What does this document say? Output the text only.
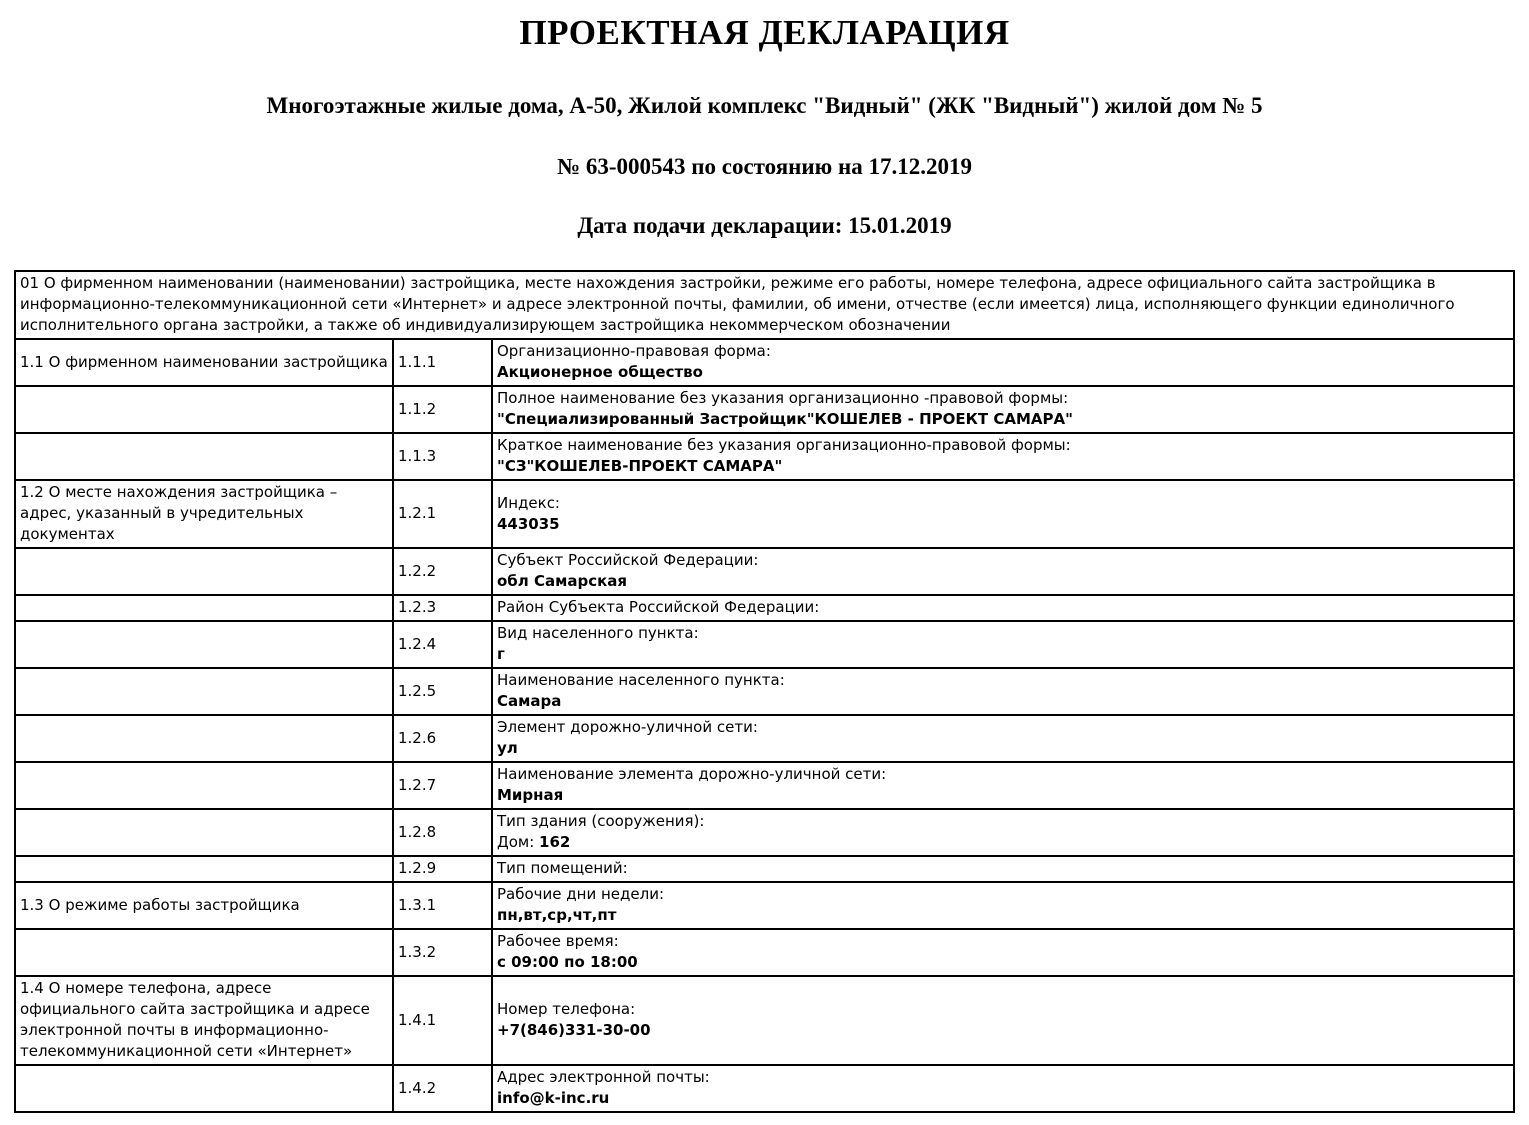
ПРОЕКТНАЯ ДЕКЛАРАЦИЯ
Многоэтажные жилые дома, А-50, Жилой комплекс "Видный" (ЖК "Видный") жилой дом № 5
№ 63-000543 по состоянию на 17.12.2019
Дата подачи декларации: 15.01.2019
01 О фирменном наименовании (наименовании) застройщика, месте нахождения застройки, режиме его работы, номере телефона, адресе официального сайта застройщика в информационно-телекоммуникационной сети «Интернет» и адресе электронной почты, фамилии, об имени, отчестве (если имеется) лица, исполняющего функции единоличного исполнительного органа застройки, а также об индивидуализирующем застройщика некоммерческом обозначении		
1.1 О фирменном наименовании застройщика	1.1.1	Организационно-правовая форма:
Акционерное общество

	1.1.2	Полное наименование без указания организационно -правовой формы:
"Специализированный Застройщик"КОШЕЛЕВ - ПРОЕКТ САМАРА"

	1.1.3	Краткое наименование без указания организационно-правовой формы:
"СЗ"КОШЕЛЕВ-ПРОЕКТ САМАРА"

1.2 О месте нахождения застройщика – адрес, указанный в учредительных документах	1.2.1	Индекс:
443035

	1.2.2	Субъект Российской Федерации:
обл Самарская

	1.2.3	Район Субъекта Российской Федерации:

	1.2.4	Вид населенного пункта:
г

	1.2.5	Наименование населенного пункта:
Самара

	1.2.6	Элемент дорожно-уличной сети:
ул

	1.2.7	Наименование элемента дорожно-уличной сети:
Мирная

	1.2.8	Тип здания (сооружения):
Дом: 162

	1.2.9	Тип помещений:

1.3 О режиме работы застройщика	1.3.1	Рабочие дни недели:
пн,вт,ср,чт,пт

	1.3.2	Рабочее время:
с 09:00 по 18:00

1.4 О номере телефона, адресе официального сайта застройщика и адресе электронной почты в информационно-телекоммуникационной сети «Интернет»	1.4.1	Номер телефона:
+7(846)331-30-00

	1.4.2	Адрес электронной почты:
info@k-inc.ru
